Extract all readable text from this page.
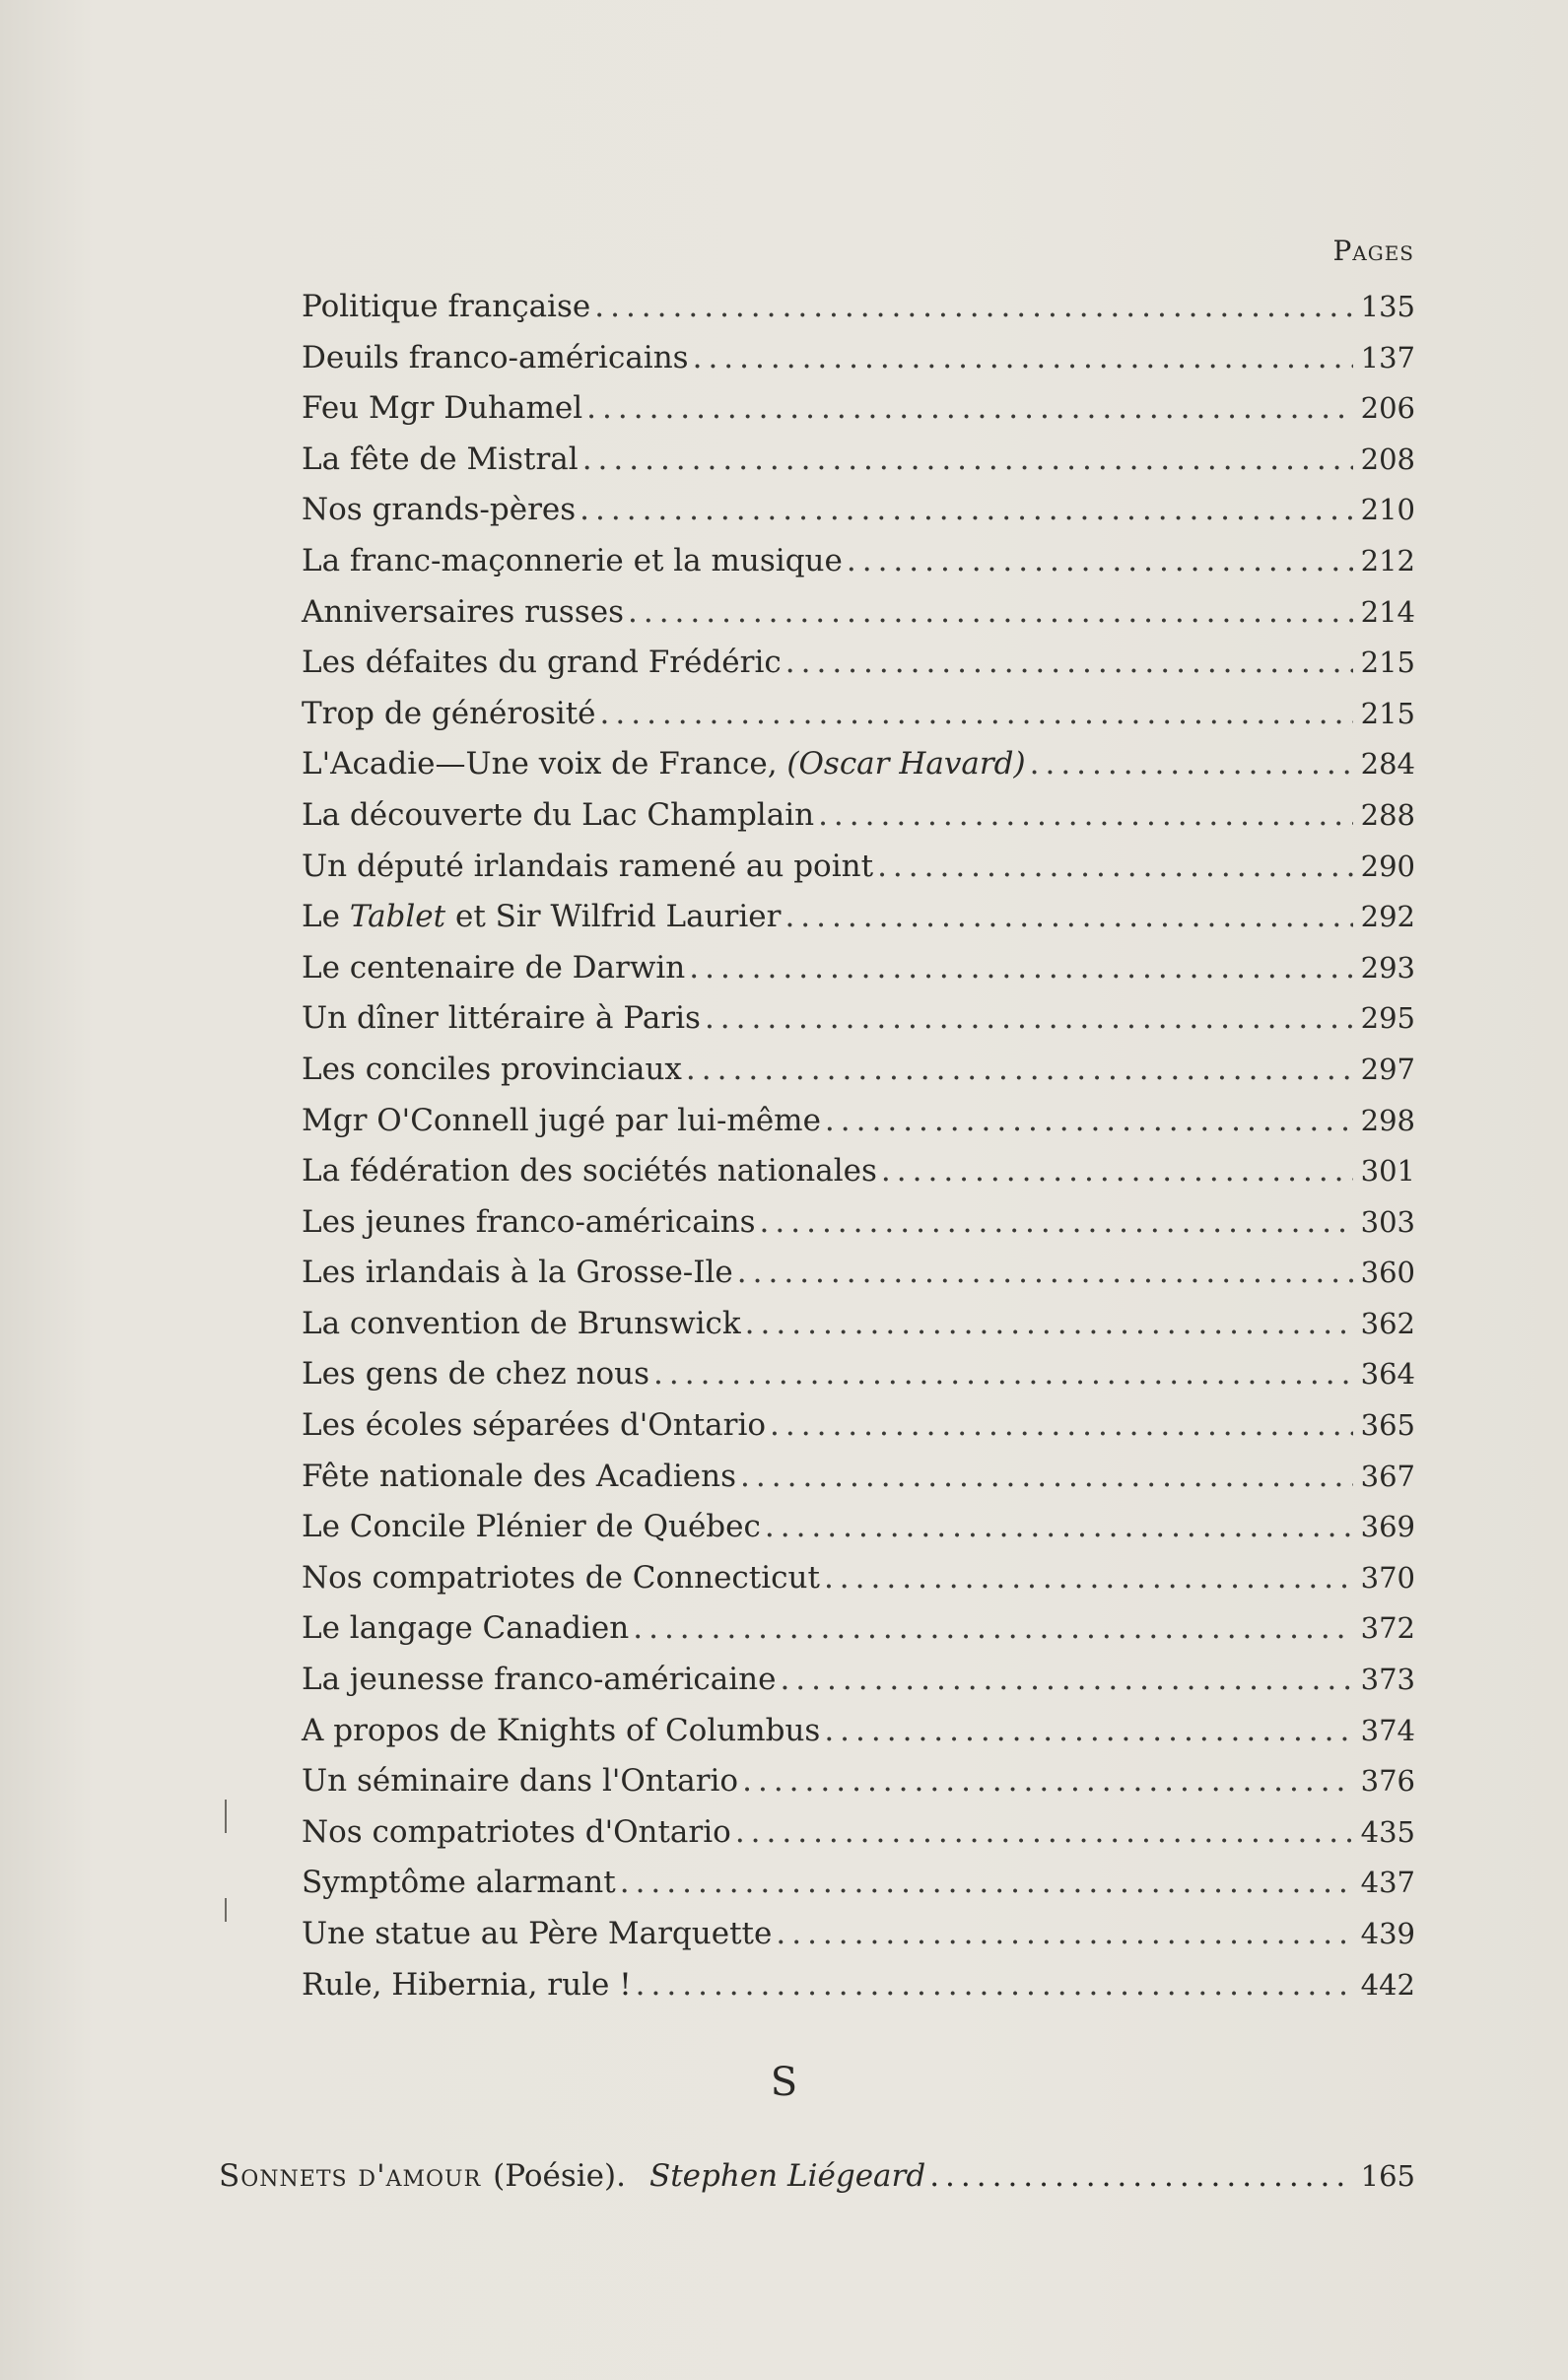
Pages
Politique française .....	135
Deuils franco-américains .....	137
Feu Mgr Duhamel .....	206
La fête de Mistral .....	208
Nos grands-pères .....	210
La franc-maçonnerie et la musique .....	212
Anniversaires russes .....	214
Les défaites du grand Frédéric .....	215
Trop de générosité .....	215
L'Acadie—Une voix de France, (Oscar Havard) .....	284
La découverte du Lac Champlain .....	288
Un député irlandais ramené au point .....	290
Le Tablet et Sir Wilfrid Laurier .....	292
Le centenaire de Darwin .....	293
Un dîner littéraire à Paris .....	295
Les conciles provinciaux .....	297
Mgr O'Connell jugé par lui-même .....	298
La fédération des sociétés nationales .....	301
Les jeunes franco-américains .....	303
Les irlandais à la Grosse-Ile .....	360
La convention de Brunswick .....	362
Les gens de chez nous .....	364
Les écoles séparées d'Ontario .....	365
Fête nationale des Acadiens .....	367
Le Concile Plénier de Québec .....	369
Nos compatriotes de Connecticut .....	370
Le langage Canadien .....	372
La jeunesse franco-américaine .....	373
A propos de Knights of Columbus .....	374
Un séminaire dans l'Ontario .....	376
Nos compatriotes d'Ontario .....	435
Symptôme alarmant .....	437
Une statue au Père Marquette .....	439
Rule, Hibernia, rule ! .....	442
S
Sonnets d'amour (Poésie). Stephen Liégeard .....	165
